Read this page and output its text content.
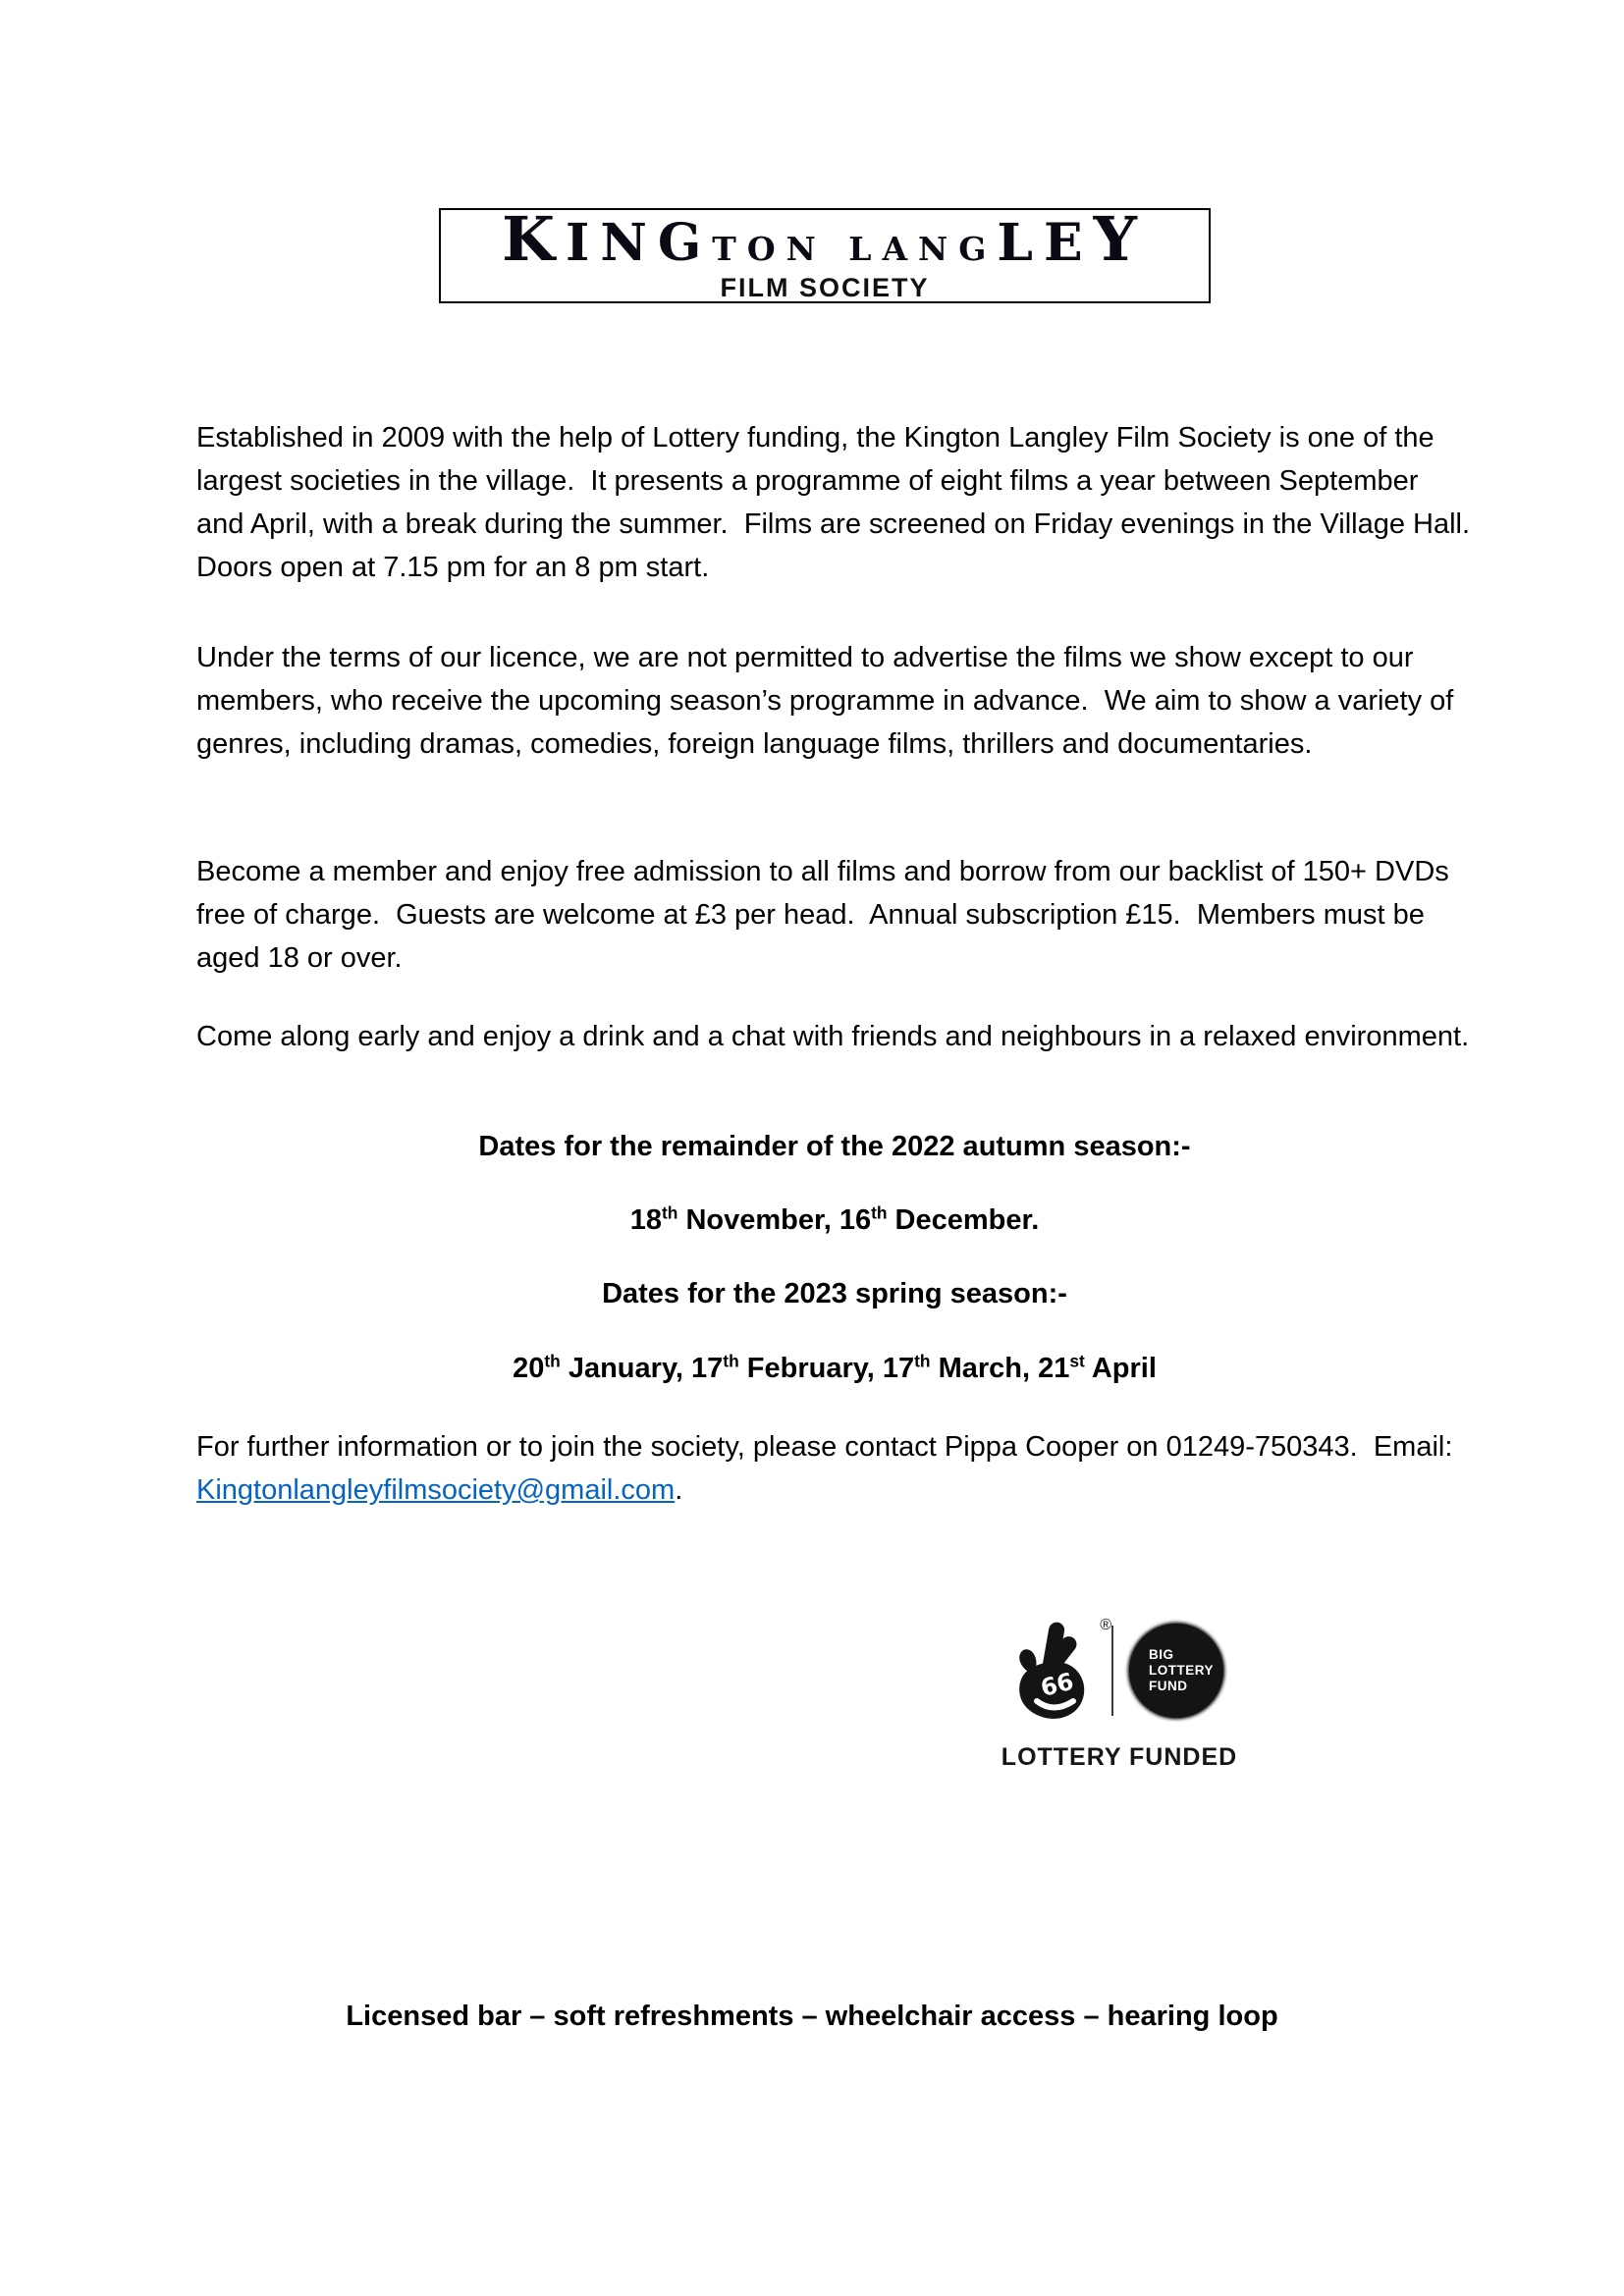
KINGTON LANGLEY
FILM SOCIETY

Established in 2009 with the help of Lottery funding, the Kington Langley Film Society is one of the largest societies in the village.  It presents a programme of eight films a year between September and April, with a break during the summer.  Films are screened on Friday evenings in the Village Hall.   Doors open at 7.15 pm for an 8 pm start.

Under the terms of our licence, we are not permitted to advertise the films we show except to our members, who receive the upcoming season’s programme in advance.  We aim to show a variety of genres, including dramas, comedies, foreign language films, thrillers and documentaries.

Become a member and enjoy free admission to all films and borrow from our backlist of 150+ DVDs free of charge.  Guests are welcome at £3 per head.  Annual subscription £15.  Members must be aged 18 or over.

Come along early and enjoy a drink and a chat with friends and neighbours in a relaxed environment.

Dates for the remainder of the 2022 autumn season:-

18th November, 16th December.

Dates for the 2023 spring season:-

20th January, 17th February, 17th March, 21st April

For further information or to join the society, please contact Pippa Cooper on 01249-750343.  Email: Kingtonlangleyfilmsociety@gmail.com.

66
®
BIG
LOTTERY
FUND
LOTTERY FUNDED

Licensed bar – soft refreshments – wheelchair access – hearing loop
